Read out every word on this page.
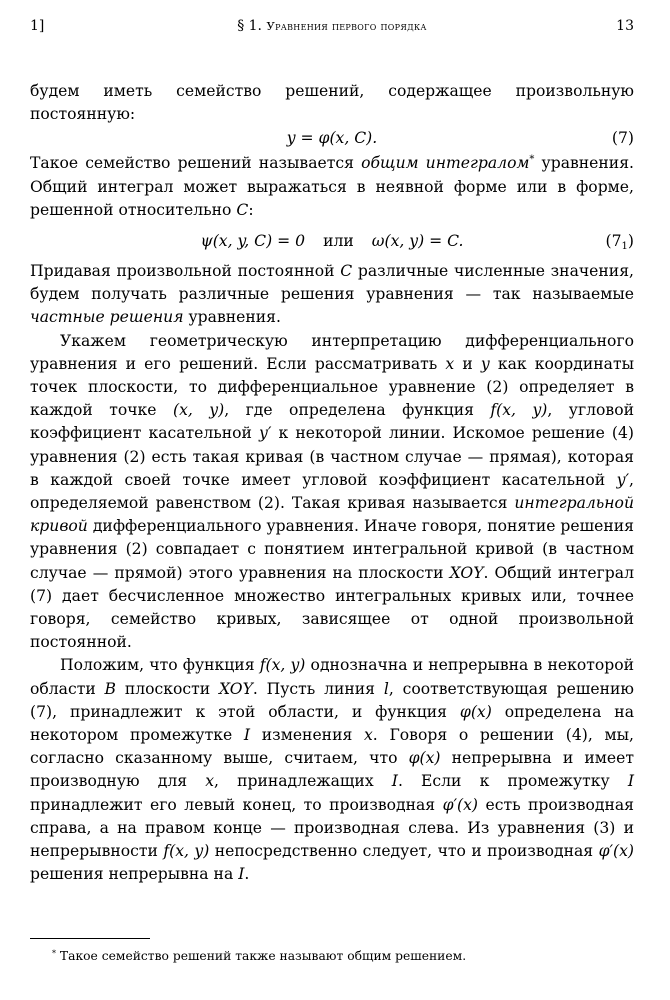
1]	§ 1. Уравнения первого порядка	13

будем иметь семейство решений, содержащее произвольную постоянную:

y = φ(x, C).	(7)

Такое семейство решений называется общим интегралом* уравнения. Общий интеграл может выражаться в неявной форме или в форме, решенной относительно C:

ψ(x, y, C) = 0 или ω(x, y) = C.	$(7_1)$

Придавая произвольной постоянной C различные численные значения, будем получать различные решения уравнения — так называемые частные решения уравнения.

Укажем геометрическую интерпретацию дифференциального уравнения и его решений. Если рассматривать x и y как координаты точек плоскости, то дифференциальное уравнение (2) определяет в каждой точке (x, y), где определена функция f(x, y), угловой коэффициент касательной y′ к некоторой линии. Искомое решение (4) уравнения (2) есть такая кривая (в частном случае — прямая), которая в каждой своей точке имеет угловой коэффициент касательной y′, определяемой равенством (2). Такая кривая называется интегральной кривой дифференциального уравнения. Иначе говоря, понятие решения уравнения (2) совпадает с понятием интегральной кривой (в частном случае — прямой) этого уравнения на плоскости XOY. Общий интеграл (7) дает бесчисленное множество интегральных кривых или, точнее говоря, семейство кривых, зависящее от одной произвольной постоянной.

Положим, что функция f(x, y) однозначна и непрерывна в некоторой области B плоскости XOY. Пусть линия l, соответствующая решению (7), принадлежит к этой области, и функция φ(x) определена на некотором промежутке I изменения x. Говоря о решении (4), мы, согласно сказанному выше, считаем, что φ(x) непрерывна и имеет производную для x, принадлежащих I. Если к промежутку I принадлежит его левый конец, то производная φ′(x) есть производная справа, а на правом конце — производная слева. Из уравнения (3) и непрерывности f(x, y) непосредственно следует, что и производная φ′(x) решения непрерывна на I.

* Такое семейство решений также называют общим решением.
